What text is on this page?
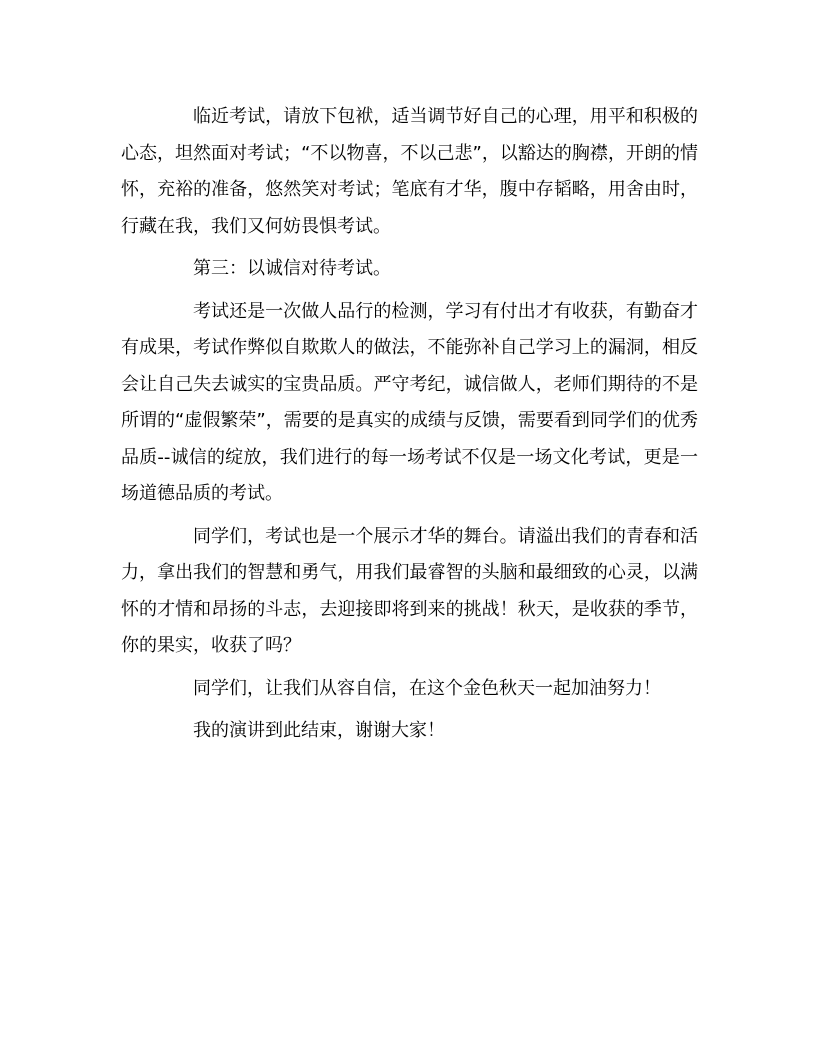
临近考试，请放下包袱，适当调节好自己的心理，用平和积极的心态，坦然面对考试；“不以物喜，不以己悲”，以豁达的胸襟，开朗的情怀，充裕的准备，悠然笑对考试；笔底有才华，腹中存韬略，用舍由时，行藏在我，我们又何妨畏惧考试。

第三：以诚信对待考试。

考试还是一次做人品行的检测，学习有付出才有收获，有勤奋才有成果，考试作弊似自欺欺人的做法，不能弥补自己学习上的漏洞，相反会让自己失去诚实的宝贵品质。严守考纪，诚信做人，老师们期待的不是所谓的“虚假繁荣”，需要的是真实的成绩与反馈，需要看到同学们的优秀品质--诚信的绽放，我们进行的每一场考试不仅是一场文化考试，更是一场道德品质的考试。

同学们，考试也是一个展示才华的舞台。请溢出我们的青春和活力，拿出我们的智慧和勇气，用我们最睿智的头脑和最细致的心灵，以满怀的才情和昂扬的斗志，去迎接即将到来的挑战！秋天，是收获的季节，你的果实，收获了吗？

同学们，让我们从容自信，在这个金色秋天一起加油努力！

我的演讲到此结束，谢谢大家！
